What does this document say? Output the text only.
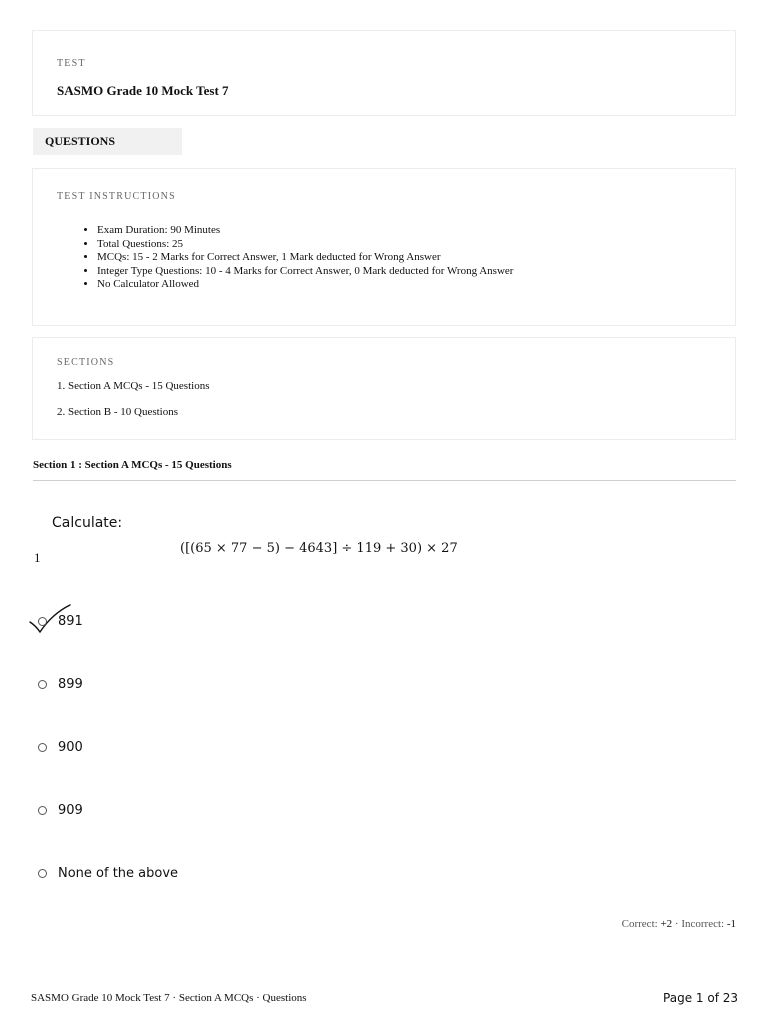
TEST
SASMO Grade 10 Mock Test 7
QUESTIONS
TEST INSTRUCTIONS
• Exam Duration: 90 Minutes
• Total Questions: 25
• MCQs: 15 - 2 Marks for Correct Answer, 1 Mark deducted for Wrong Answer
• Integer Type Questions: 10 - 4 Marks for Correct Answer, 0 Mark deducted for Wrong Answer
• No Calculator Allowed
SECTIONS
1. Section A MCQs - 15 Questions
2. Section B - 10 Questions
Section 1 : Section A MCQs - 15 Questions
Calculate:
1
([(65 × 77 − 5) − 4643] ÷ 119 + 30) × 27
891
899
900
909
None of the above
Correct: +2 · Incorrect: -1
SASMO Grade 10 Mock Test 7 · Section A MCQs · Questions	Page 1 of 23
